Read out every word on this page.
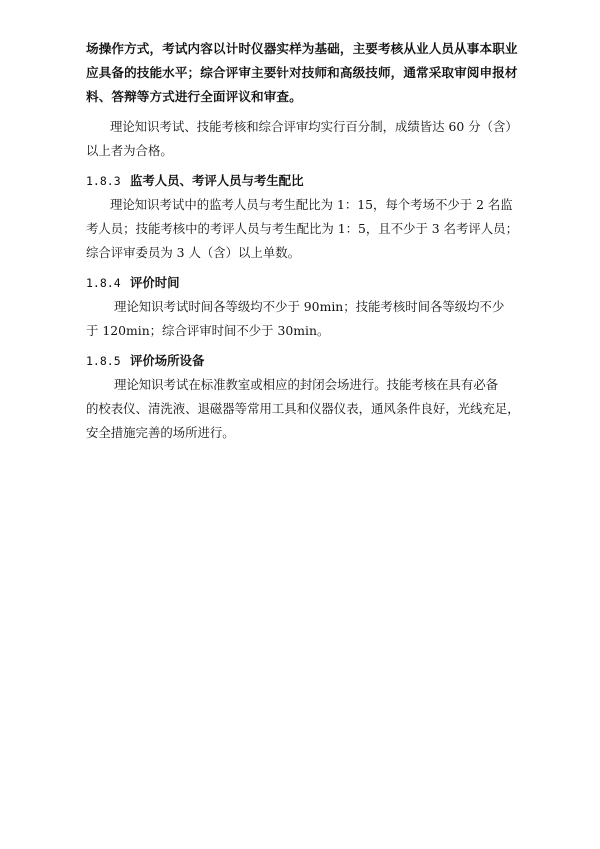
场操作方式，考试内容以计时仪器实样为基础，主要考核从业人员从事本职业
应具备的技能水平；综合评审主要针对技师和高级技师，通常采取审阅申报材
料、答辩等方式进行全面评议和审查。
理论知识考试、技能考核和综合评审均实行百分制，成绩皆达 60 分（含）
以上者为合格。
1.8.3 监考人员、考评人员与考生配比
理论知识考试中的监考人员与考生配比为 1：15，每个考场不少于 2 名监
考人员；技能考核中的考评人员与考生配比为 1：5，且不少于 3 名考评人员；
综合评审委员为 3 人（含）以上单数。
1.8.4 评价时间
理论知识考试时间各等级均不少于 90min；技能考核时间各等级均不少
于 120min；综合评审时间不少于 30min。
1.8.5 评价场所设备
理论知识考试在标准教室或相应的封闭会场进行。技能考核在具有必备
的校表仪、清洗液、退磁器等常用工具和仪器仪表，通风条件良好，光线充足，
安全措施完善的场所进行。
